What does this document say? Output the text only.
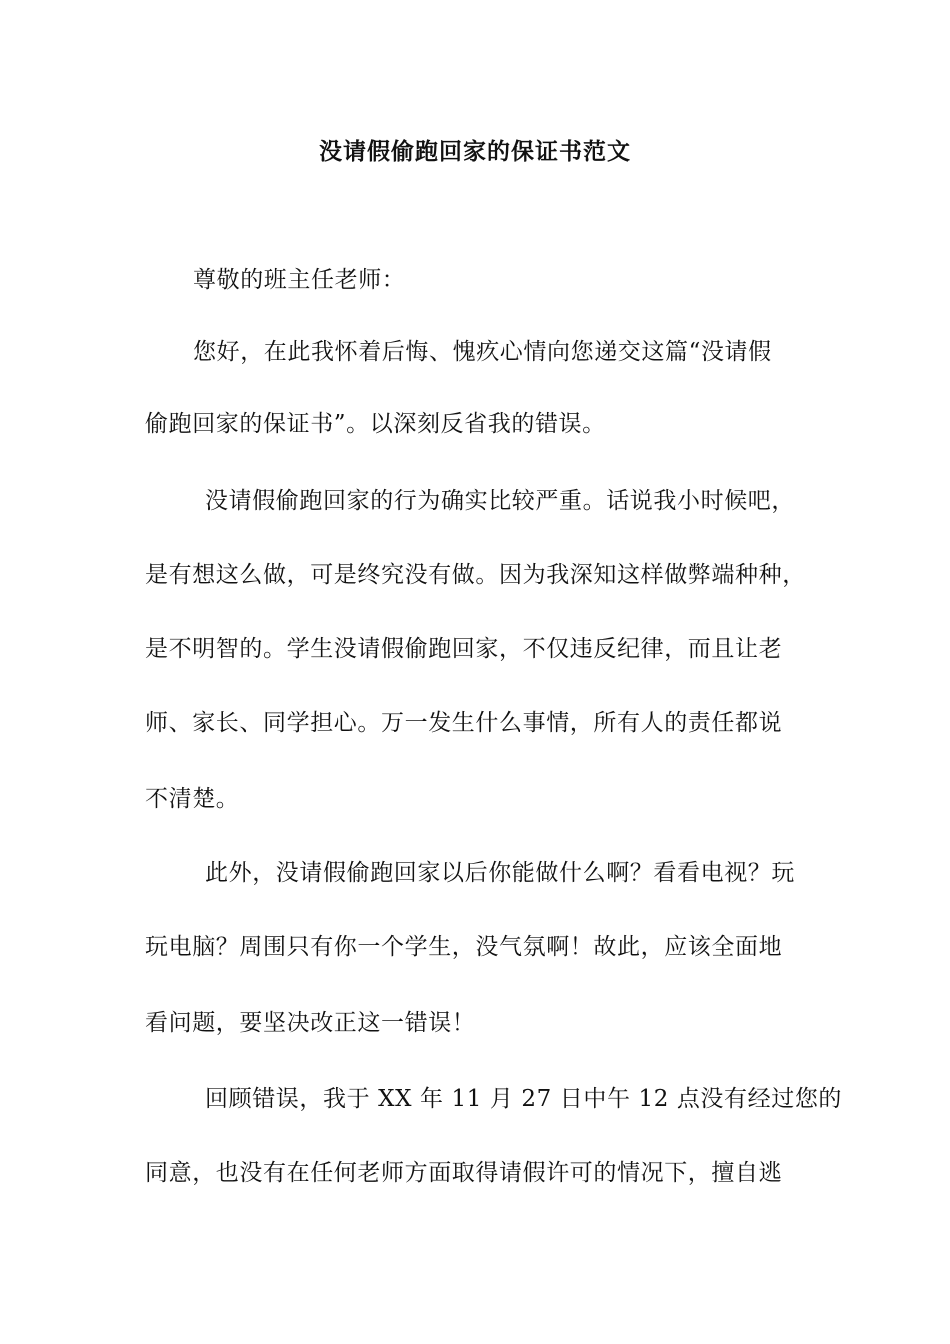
没请假偷跑回家的保证书范文

尊敬的班主任老师：

您好，在此我怀着后悔、愧疚心情向您递交这篇“没请假

偷跑回家的保证书”。以深刻反省我的错误。

没请假偷跑回家的行为确实比较严重。话说我小时候吧，

是有想这么做，可是终究没有做。因为我深知这样做弊端种种，

是不明智的。学生没请假偷跑回家，不仅违反纪律，而且让老

师、家长、同学担心。万一发生什么事情，所有人的责任都说

不清楚。

此外，没请假偷跑回家以后你能做什么啊？看看电视？玩

玩电脑？周围只有你一个学生，没气氛啊！故此，应该全面地

看问题，要坚决改正这一错误！

回顾错误，我于 XX 年 11 月 27 日中午 12 点没有经过您的

同意，也没有在任何老师方面取得请假许可的情况下，擅自逃
